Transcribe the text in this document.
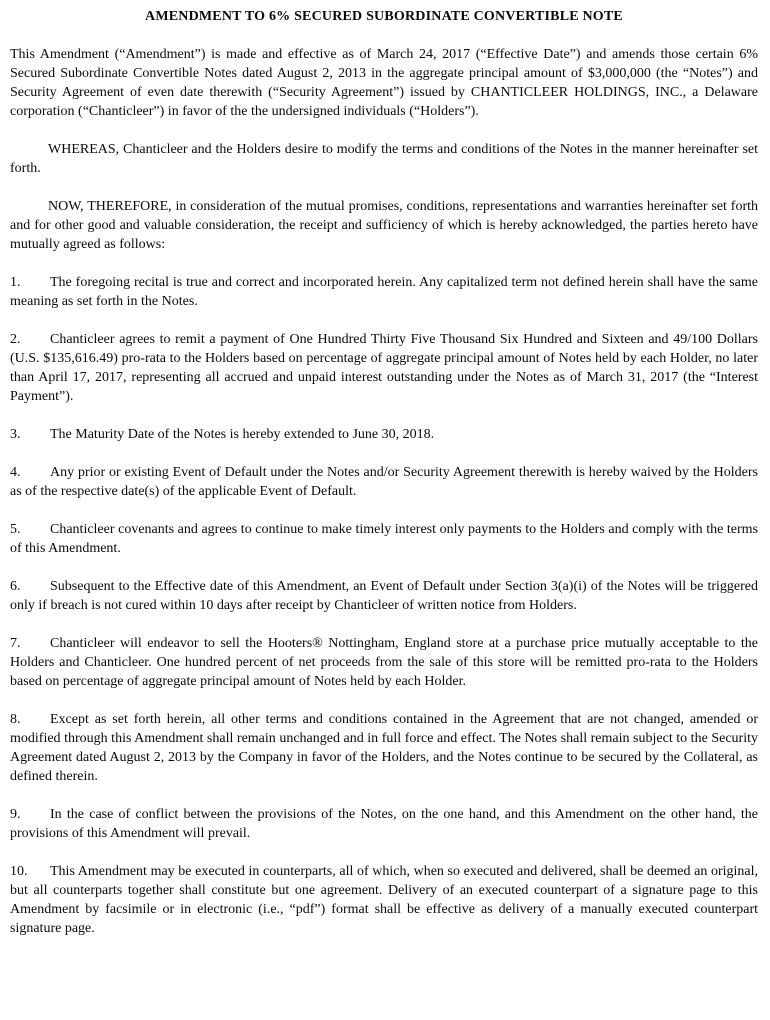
AMENDMENT TO 6% SECURED SUBORDINATE CONVERTIBLE NOTE

This Amendment (“Amendment”) is made and effective as of March 24, 2017 (“Effective Date”) and amends those certain 6% Secured Subordinate Convertible Notes dated August 2, 2013 in the aggregate principal amount of $3,000,000 (the “Notes”) and Security Agreement of even date therewith (“Security Agreement”) issued by CHANTICLEER HOLDINGS, INC., a Delaware corporation (“Chanticleer”) in favor of the the undersigned individuals (“Holders”).

WHEREAS, Chanticleer and the Holders desire to modify the terms and conditions of the Notes in the manner hereinafter set forth.

NOW, THEREFORE, in consideration of the mutual promises, conditions, representations and warranties hereinafter set forth and for other good and valuable consideration, the receipt and sufficiency of which is hereby acknowledged, the parties hereto have mutually agreed as follows:

1. The foregoing recital is true and correct and incorporated herein. Any capitalized term not defined herein shall have the same meaning as set forth in the Notes.

2. Chanticleer agrees to remit a payment of One Hundred Thirty Five Thousand Six Hundred and Sixteen and 49/100 Dollars (U.S. $135,616.49) pro-rata to the Holders based on percentage of aggregate principal amount of Notes held by each Holder, no later than April 17, 2017, representing all accrued and unpaid interest outstanding under the Notes as of March 31, 2017 (the “Interest Payment”).

3. The Maturity Date of the Notes is hereby extended to June 30, 2018.

4. Any prior or existing Event of Default under the Notes and/or Security Agreement therewith is hereby waived by the Holders as of the respective date(s) of the applicable Event of Default.

5. Chanticleer covenants and agrees to continue to make timely interest only payments to the Holders and comply with the terms of this Amendment.

6. Subsequent to the Effective date of this Amendment, an Event of Default under Section 3(a)(i) of the Notes will be triggered only if breach is not cured within 10 days after receipt by Chanticleer of written notice from Holders.

7. Chanticleer will endeavor to sell the Hooters® Nottingham, England store at a purchase price mutually acceptable to the Holders and Chanticleer. One hundred percent of net proceeds from the sale of this store will be remitted pro-rata to the Holders based on percentage of aggregate principal amount of Notes held by each Holder.

8. Except as set forth herein, all other terms and conditions contained in the Agreement that are not changed, amended or modified through this Amendment shall remain unchanged and in full force and effect. The Notes shall remain subject to the Security Agreement dated August 2, 2013 by the Company in favor of the Holders, and the Notes continue to be secured by the Collateral, as defined therein.

9. In the case of conflict between the provisions of the Notes, on the one hand, and this Amendment on the other hand, the provisions of this Amendment will prevail.

10. This Amendment may be executed in counterparts, all of which, when so executed and delivered, shall be deemed an original, but all counterparts together shall constitute but one agreement. Delivery of an executed counterpart of a signature page to this Amendment by facsimile or in electronic (i.e., “pdf”) format shall be effective as delivery of a manually executed counterpart signature page.
